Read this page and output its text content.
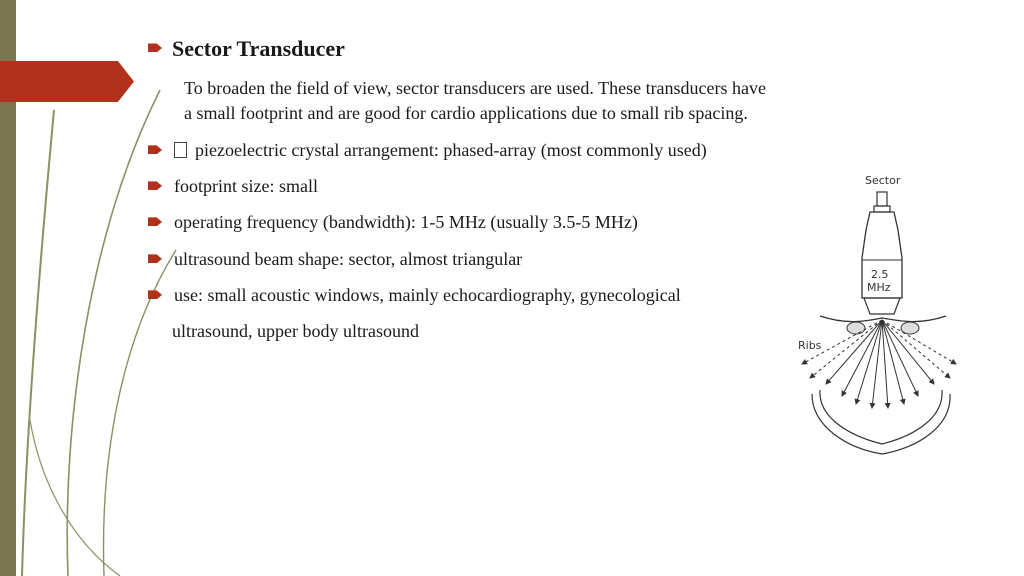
Sector Transducer
To broaden the field of view, sector transducers are used. These transducers have
a small footprint and are good for cardio applications due to small rib spacing.
piezoelectric crystal arrangement: phased-array (most commonly used)
footprint size: small
operating frequency (bandwidth): 1-5 MHz (usually 3.5-5 MHz)
ultrasound beam shape: sector, almost triangular
use: small acoustic windows, mainly echocardiography, gynecological
ultrasound, upper body ultrasound
Sector
2.5
MHz
Ribs
